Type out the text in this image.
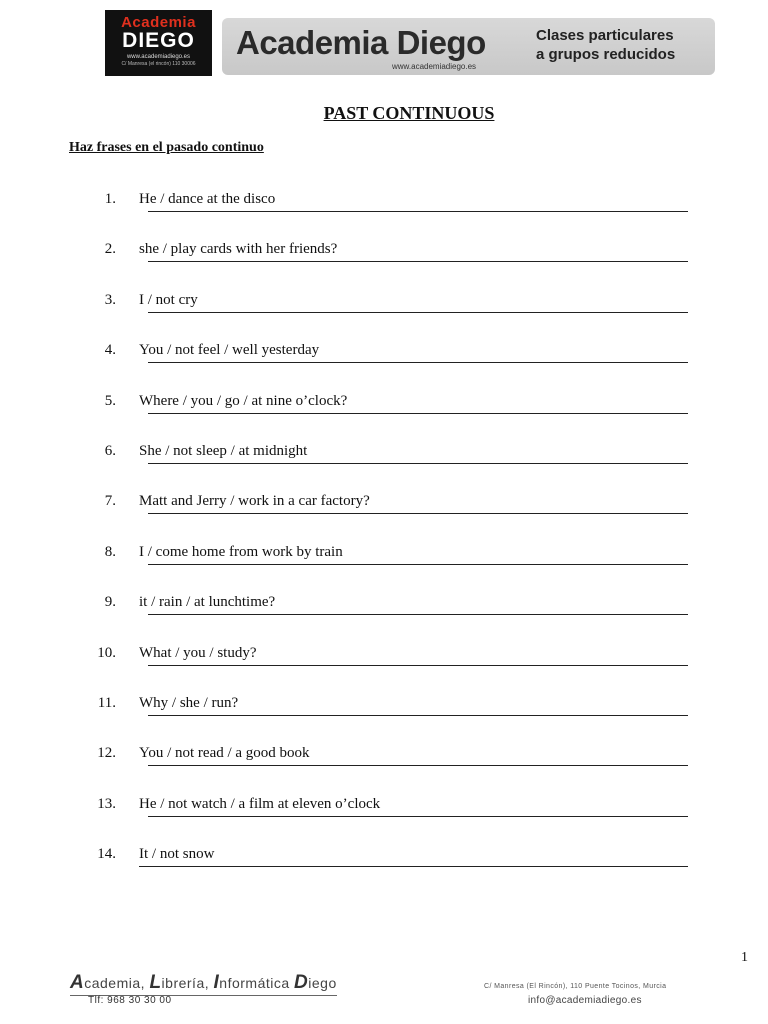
Academia
DIEGO
www.academiadiego.es
C/ Manresa (el rincón) 110 30006
Academia Diego
www.academiadiego.es
Clases particulares
a grupos reducidos
PAST CONTINUOUS
Haz frases en el pasado continuo
1. He / dance at the disco
2. she / play cards with her friends?
3. I / not cry
4. You / not feel / well yesterday
5. Where / you / go / at nine o’clock?
6. She / not sleep / at midnight
7. Matt and Jerry / work in a car factory?
8. I / come home from work by train
9. it / rain / at lunchtime?
10. What / you / study?
11. Why / she / run?
12. You / not read / a good book
13. He / not watch / a film at eleven o’clock
14. It / not snow
1
Academia, Librería, Informática Diego
Tlf: 968 30 30 00
C/ Manresa (El Rincón), 110 Puente Tocinos, Murcia
info@academiadiego.es
